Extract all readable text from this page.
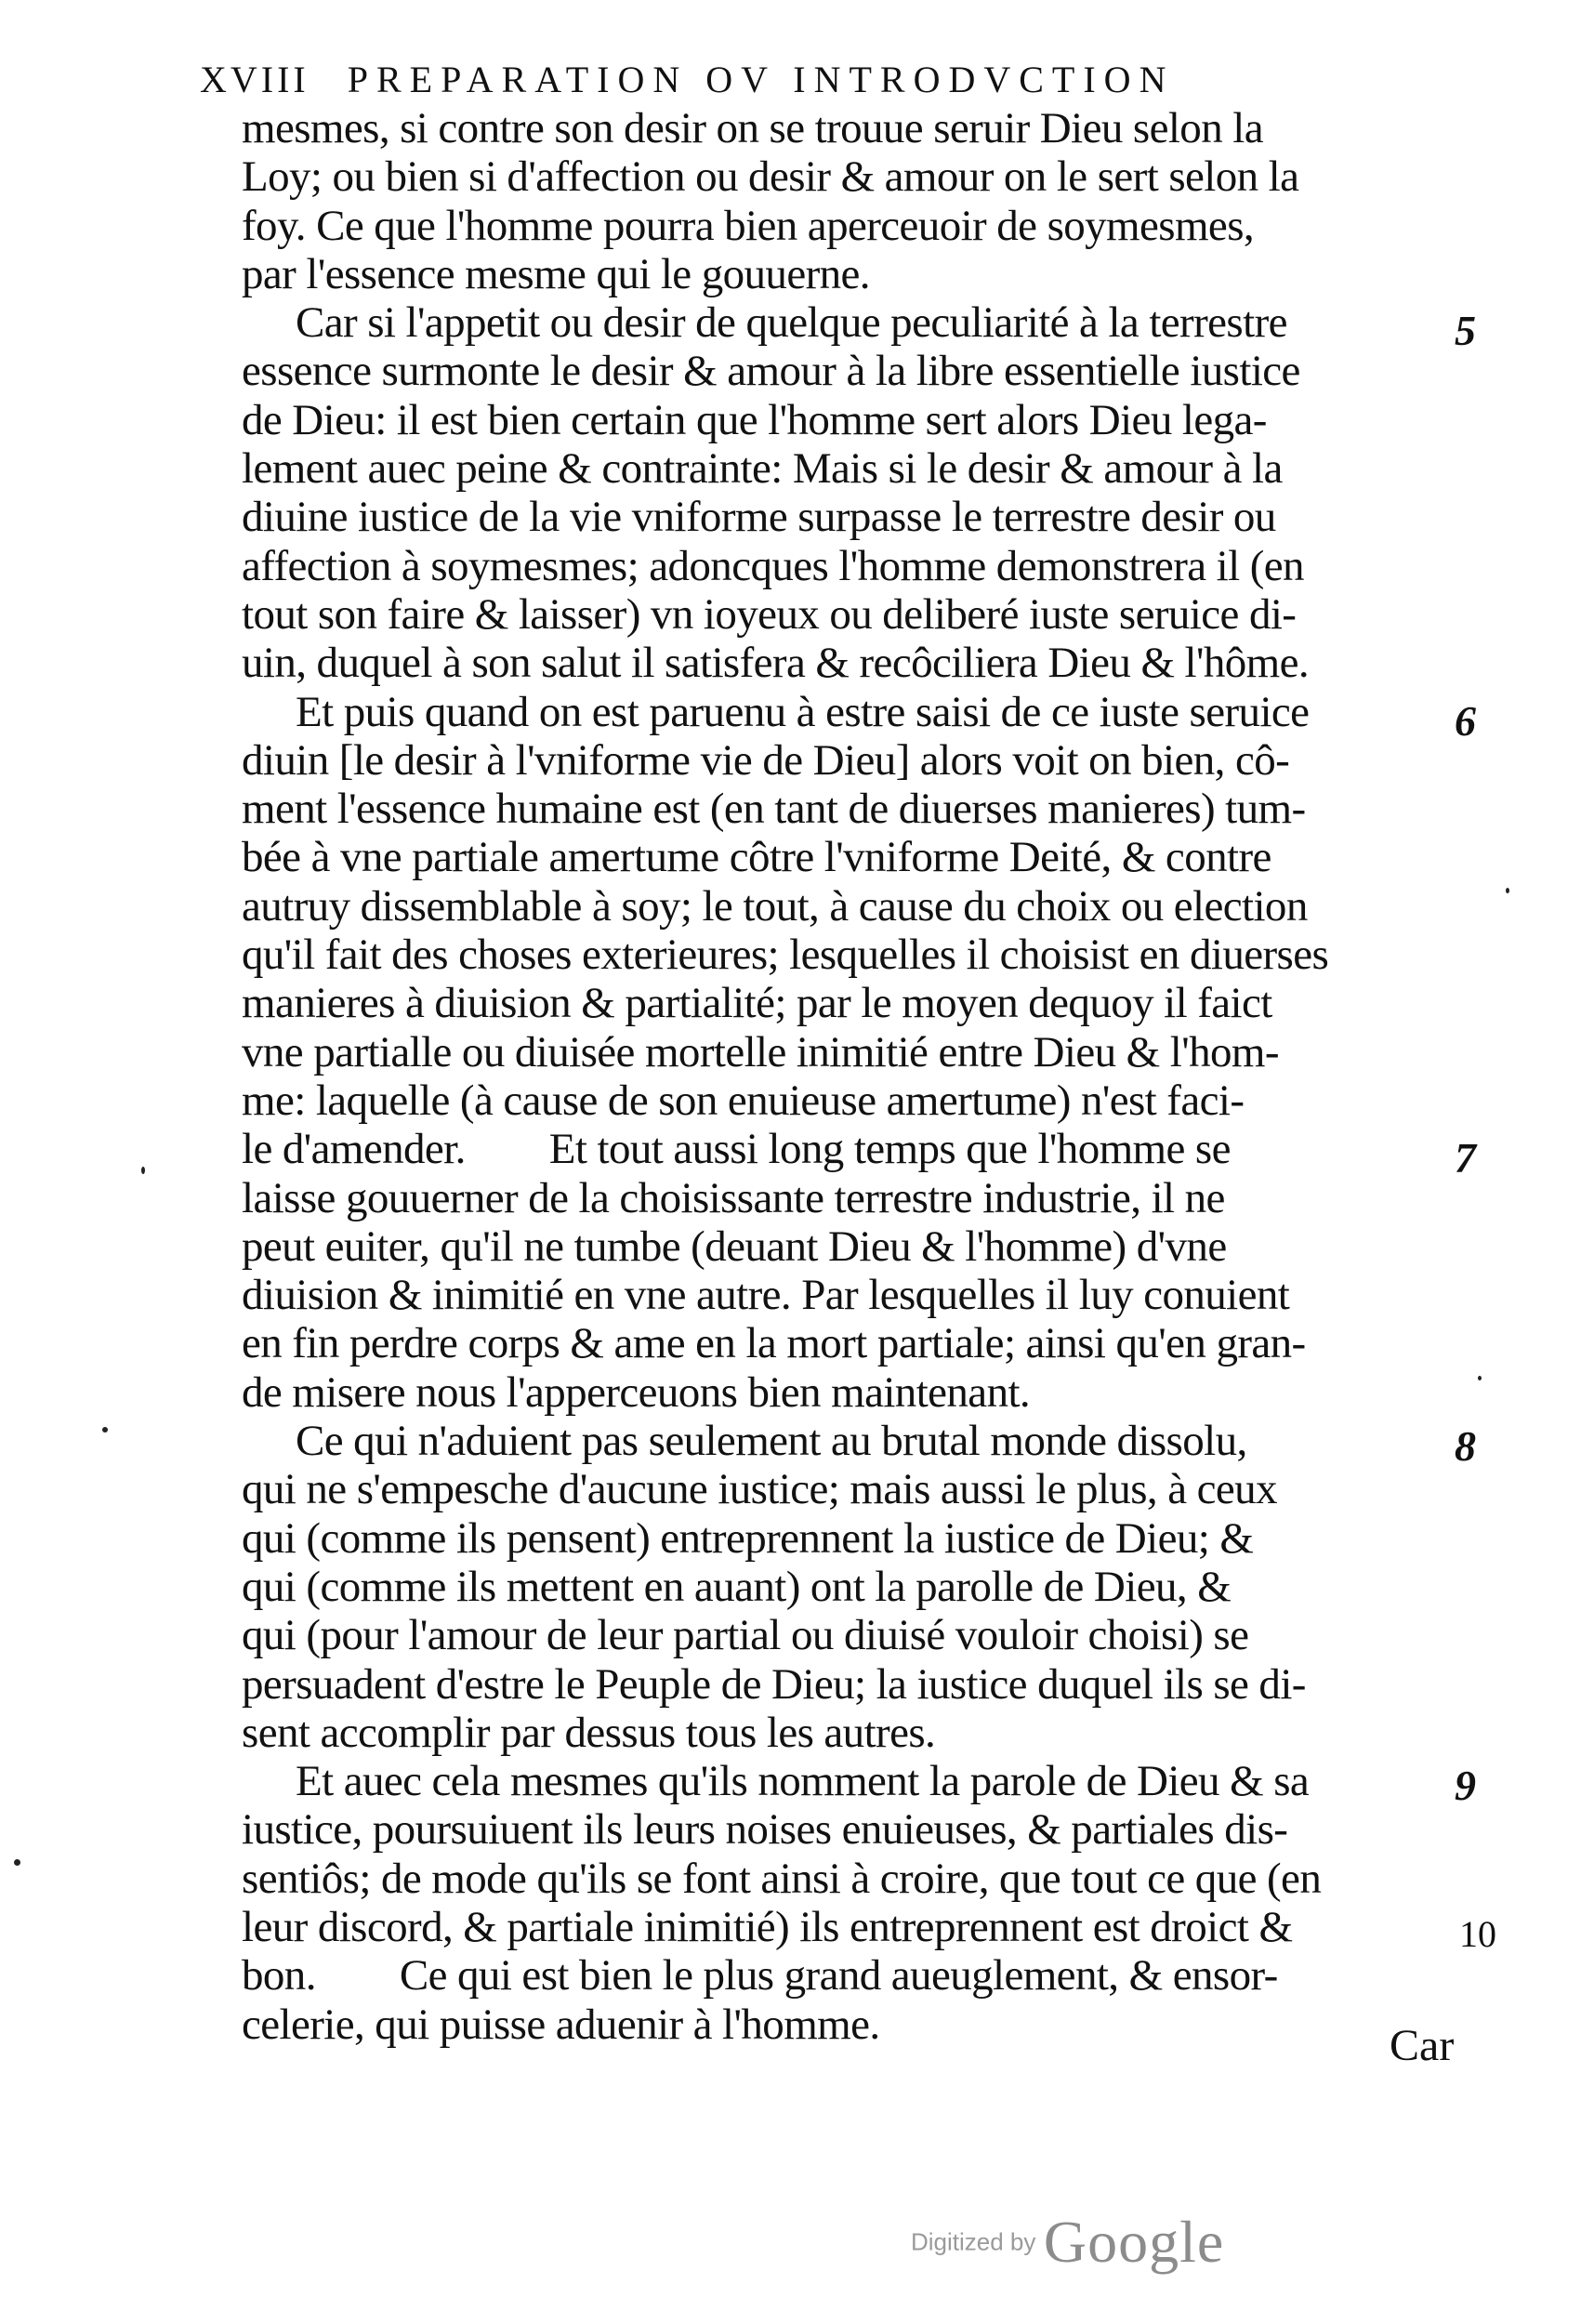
XVIII PREPARATION OV INTRODVCTION
mesmes, si contre son desir on se trouue seruir Dieu selon la
Loy; ou bien si d'affection ou desir & amour on le sert selon la
foy. Ce que l'homme pourra bien aperceuoir de soymesmes,
par l'essence mesme qui le gouuerne.
Car si l'appetit ou desir de quelque peculiarité à la terrestre
essence surmonte le desir & amour à la libre essentielle iustice
de Dieu: il est bien certain que l'homme sert alors Dieu lega-
lement auec peine & contrainte: Mais si le desir & amour à la
diuine iustice de la vie vniforme surpasse le terrestre desir ou
affection à soymesmes; adoncques l'homme demonstrera il (en
tout son faire & laisser) vn ioyeux ou deliberé iuste seruice di-
uin, duquel à son salut il satisfera & recôciliera Dieu & l'hôme.
Et puis quand on est paruenu à estre saisi de ce iuste seruice
diuin [le desir à l'vniforme vie de Dieu] alors voit on bien, cô-
ment l'essence humaine est (en tant de diuerses manieres) tum-
bée à vne partiale amertume côtre l'vniforme Deité, & contre
autruy dissemblable à soy; le tout, à cause du choix ou election
qu'il fait des choses exterieures; lesquelles il choisist en diuerses
manieres à diuision & partialité; par le moyen dequoy il faict
vne partialle ou diuisée mortelle inimitié entre Dieu & l'hom-
me: laquelle (à cause de son enuieuse amertume) n'est faci-
le d'amender. Et tout aussi long temps que l'homme se
laisse gouuerner de la choisissante terrestre industrie, il ne
peut euiter, qu'il ne tumbe (deuant Dieu & l'homme) d'vne
diuision & inimitié en vne autre. Par lesquelles il luy conuient
en fin perdre corps & ame en la mort partiale; ainsi qu'en gran-
de misere nous l'apperceuons bien maintenant.
Ce qui n'aduient pas seulement au brutal monde dissolu,
qui ne s'empesche d'aucune iustice; mais aussi le plus, à ceux
qui (comme ils pensent) entreprennent la iustice de Dieu; &
qui (comme ils mettent en auant) ont la parolle de Dieu, &
qui (pour l'amour de leur partial ou diuisé vouloir choisi) se
persuadent d'estre le Peuple de Dieu; la iustice duquel ils se di-
sent accomplir par dessus tous les autres.
Et auec cela mesmes qu'ils nomment la parole de Dieu & sa
iustice, poursuiuent ils leurs noises enuieuses, & partiales dis-
sentiôs; de mode qu'ils se font ainsi à croire, que tout ce que (en
leur discord, & partiale inimitié) ils entreprennent est droict &
bon. Ce qui est bien le plus grand aueuglement, & ensor-
celerie, qui puisse aduenir à l'homme.
5
6
7
8
9
10
Car
Digitized by Google
